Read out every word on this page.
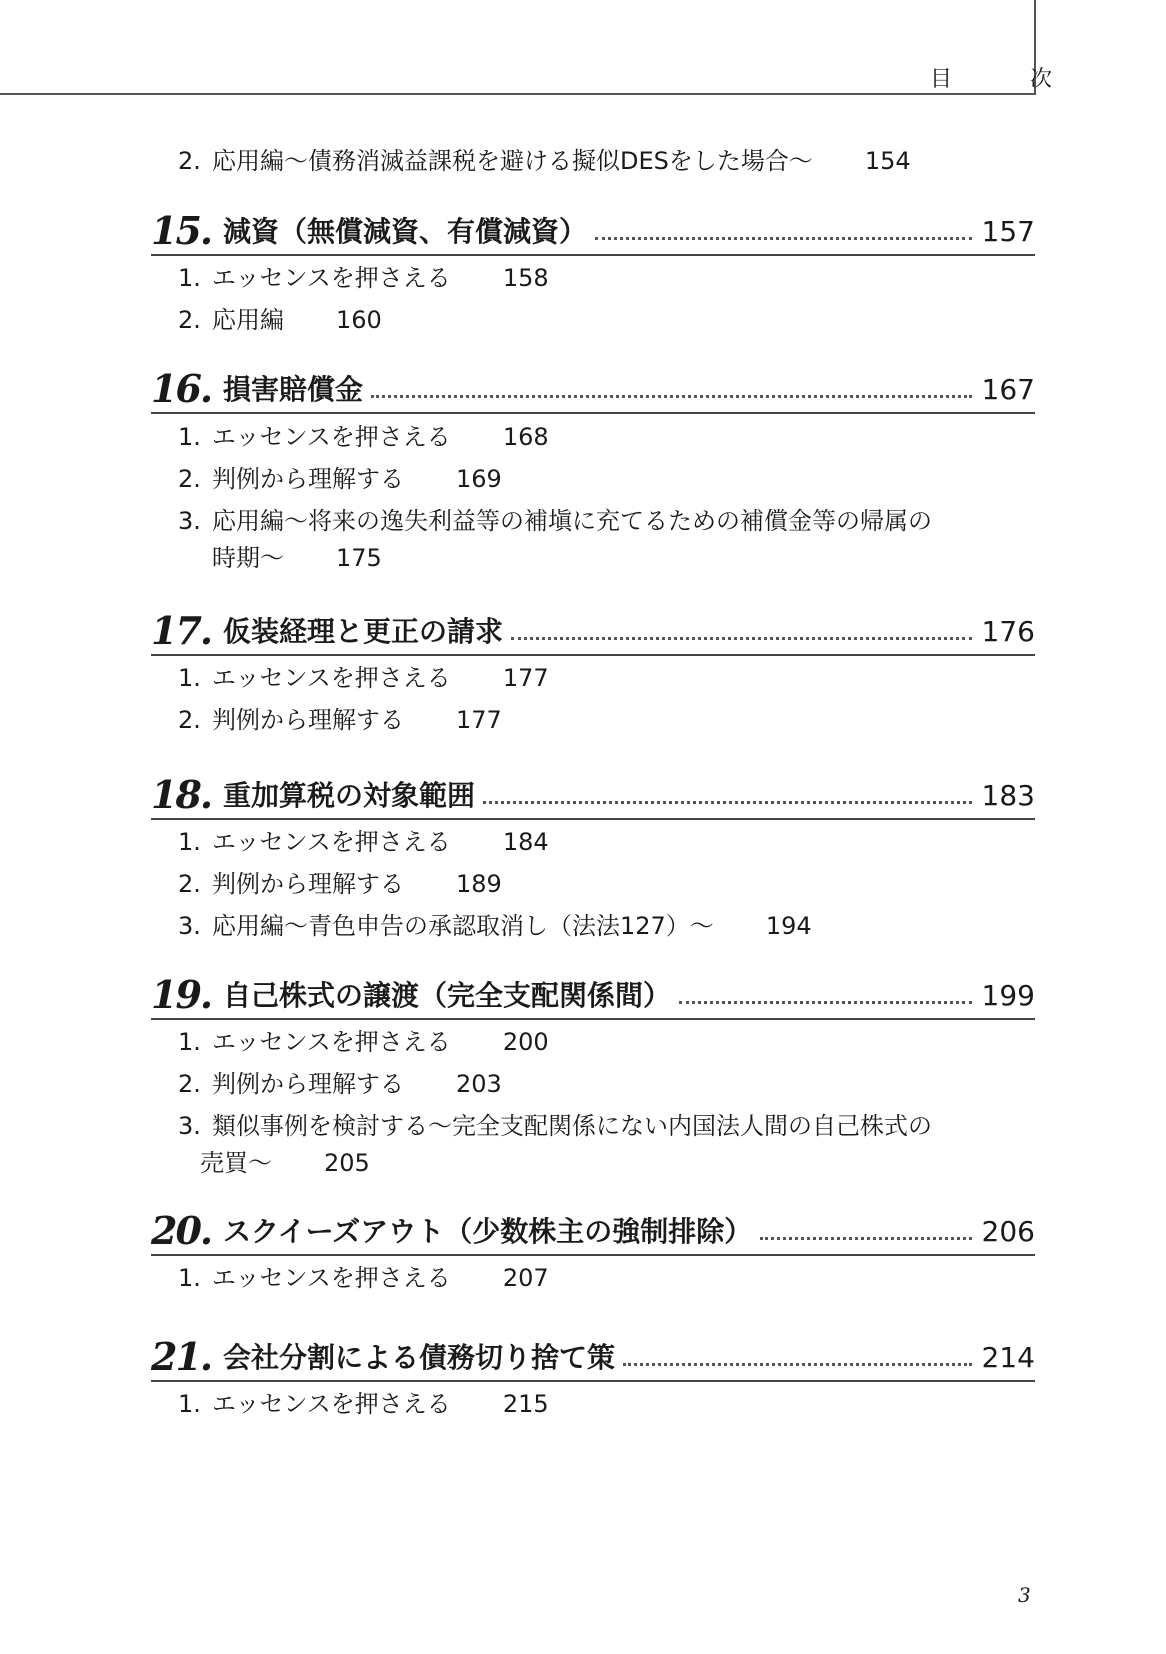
目　次
2. 応用編～債務消滅益課税を避ける擬似DESをした場合～ 154
15. 減資（無償減資、有償減資）	157
1. エッセンスを押さえる 158
2. 応用編 160
16. 損害賠償金	167
1. エッセンスを押さえる 168
2. 判例から理解する 169
3. 応用編～将来の逸失利益等の補塡に充てるための補償金等の帰属の
時期～ 175
17. 仮装経理と更正の請求	176
1. エッセンスを押さえる 177
2. 判例から理解する 177
18. 重加算税の対象範囲	183
1. エッセンスを押さえる 184
2. 判例から理解する 189
3. 応用編～青色申告の承認取消し（法法127）～ 194
19. 自己株式の譲渡（完全支配関係間）	199
1. エッセンスを押さえる 200
2. 判例から理解する 203
3. 類似事例を検討する～完全支配関係にない内国法人間の自己株式の
売買～ 205
20. スクイーズアウト（少数株主の強制排除）	206
1. エッセンスを押さえる 207
21. 会社分割による債務切り捨て策	214
1. エッセンスを押さえる 215
3
